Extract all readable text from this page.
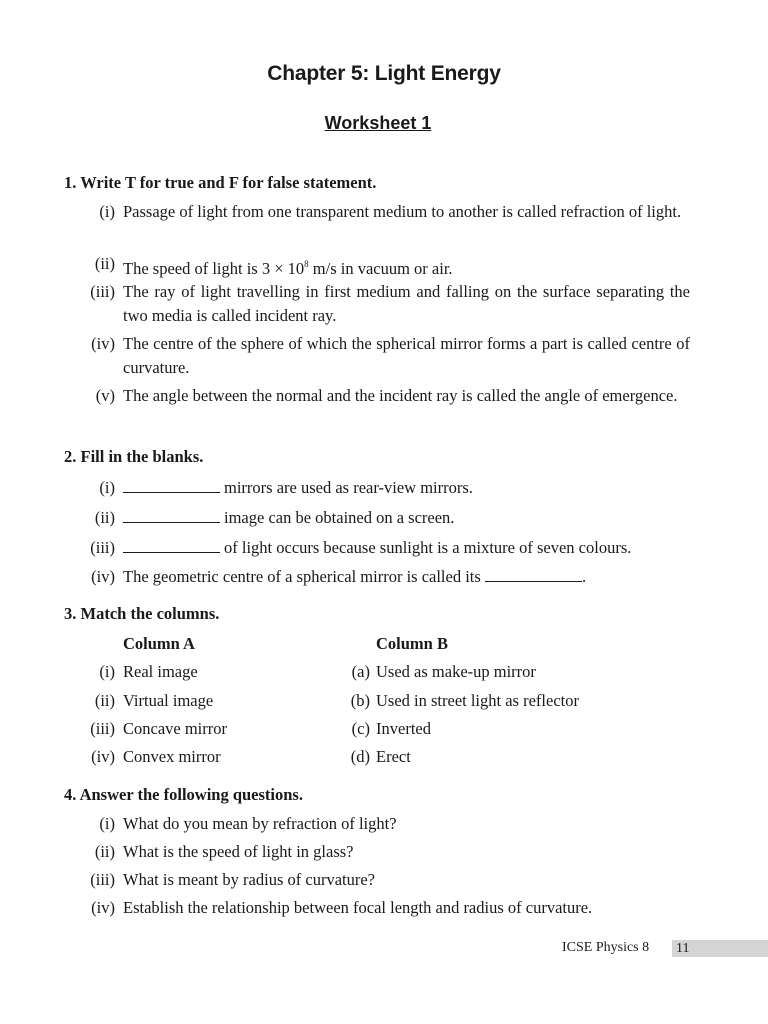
Chapter 5: Light Energy
Worksheet 1
1. Write T for true and F for false statement.
(i) Passage of light from one transparent medium to another is called refraction of light.
(ii) The speed of light is $3 \times 10^8$ m/s in vacuum or air.
(iii) The ray of light travelling in first medium and falling on the surface separating the two media is called incident ray.
(iv) The centre of the sphere of which the spherical mirror forms a part is called centre of curvature.
(v) The angle between the normal and the incident ray is called the angle of emergence.
2. Fill in the blanks.
(i)	mirrors are used as rear-view mirrors.
(ii)	image can be obtained on a screen.
(iii)	of light occurs because sunlight is a mixture of seven colours.
(iv) The geometric centre of a spherical mirror is called its	.
3. Match the columns.
Column A	Column B
(i) Real image	(a) Used as make-up mirror
(ii) Virtual image	(b) Used in street light as reflector
(iii) Concave mirror	(c) Inverted
(iv) Convex mirror	(d) Erect
4. Answer the following questions.
(i) What do you mean by refraction of light?
(ii) What is the speed of light in glass?
(iii) What is meant by radius of curvature?
(iv) Establish the relationship between focal length and radius of curvature.
ICSE Physics 8 11
